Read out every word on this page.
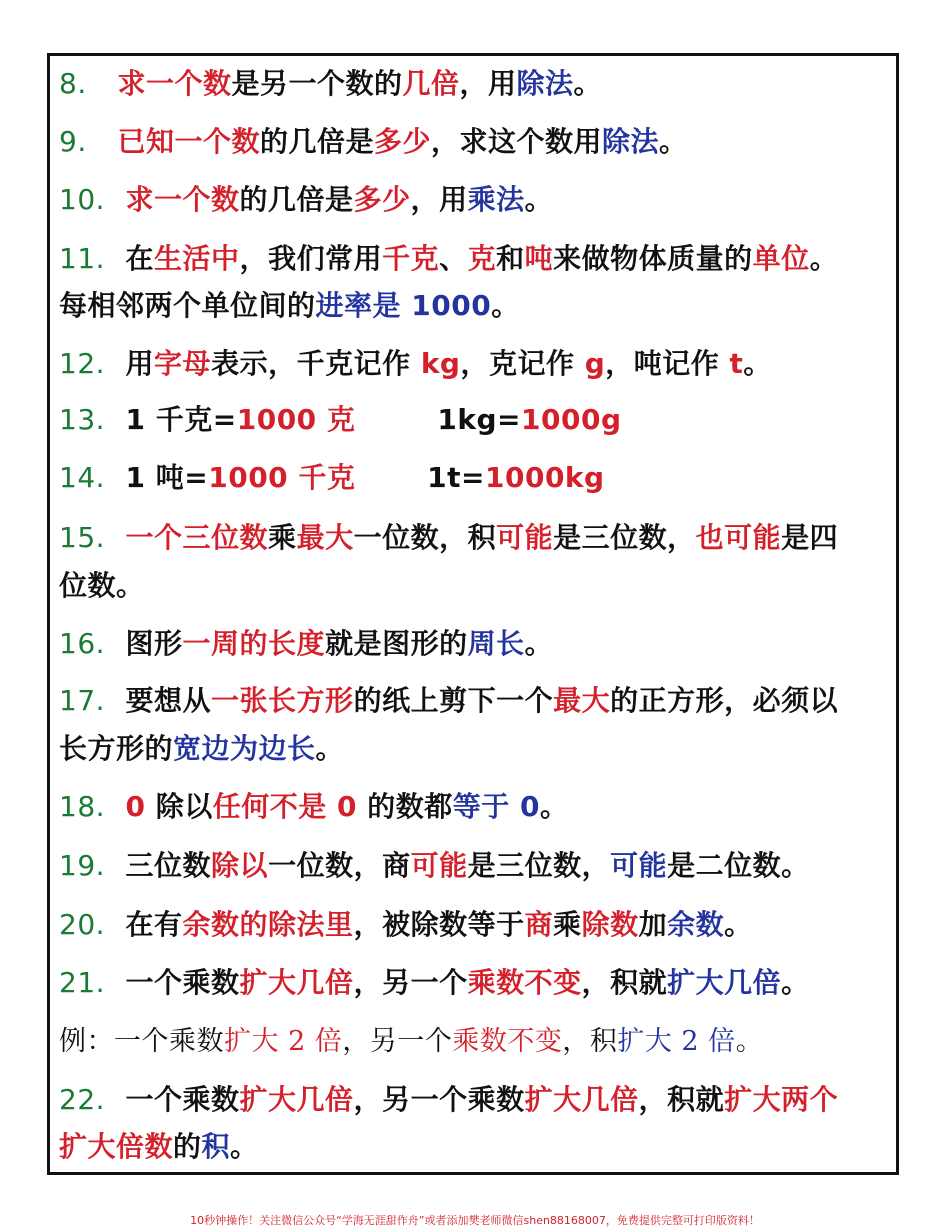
8. 求一个数是另一个数的几倍，用除法。
9. 已知一个数的几倍是多少，求这个数用除法。
10. 求一个数的几倍是多少，用乘法。
11. 在生活中，我们常用千克、克和吨来做物体质量的单位。
每相邻两个单位间的进率是 1000。
12. 用字母表示，千克记作 kg，克记作 g，吨记作 t。
13. 1 千克=1000 克        1kg=1000g
14. 1 吨=1000 千克       1t=1000kg
15. 一个三位数乘最大一位数，积可能是三位数，也可能是四
位数。
16. 图形一周的长度就是图形的周长。
17. 要想从一张长方形的纸上剪下一个最大的正方形，必须以
长方形的宽边为边长。
18. 0 除以任何不是 0 的数都等于 0。
19. 三位数除以一位数，商可能是三位数，可能是二位数。
20. 在有余数的除法里，被除数等于商乘除数加余数。
21. 一个乘数扩大几倍，另一个乘数不变，积就扩大几倍。
例：一个乘数扩大 2 倍，另一个乘数不变，积扩大 2 倍。
22. 一个乘数扩大几倍，另一个乘数扩大几倍，积就扩大两个
扩大倍数的积。
10秒钟操作！关注微信公众号“学海无涯甜作舟”或者添加樊老师微信shen88168007，免费提供完整可打印版资料！
